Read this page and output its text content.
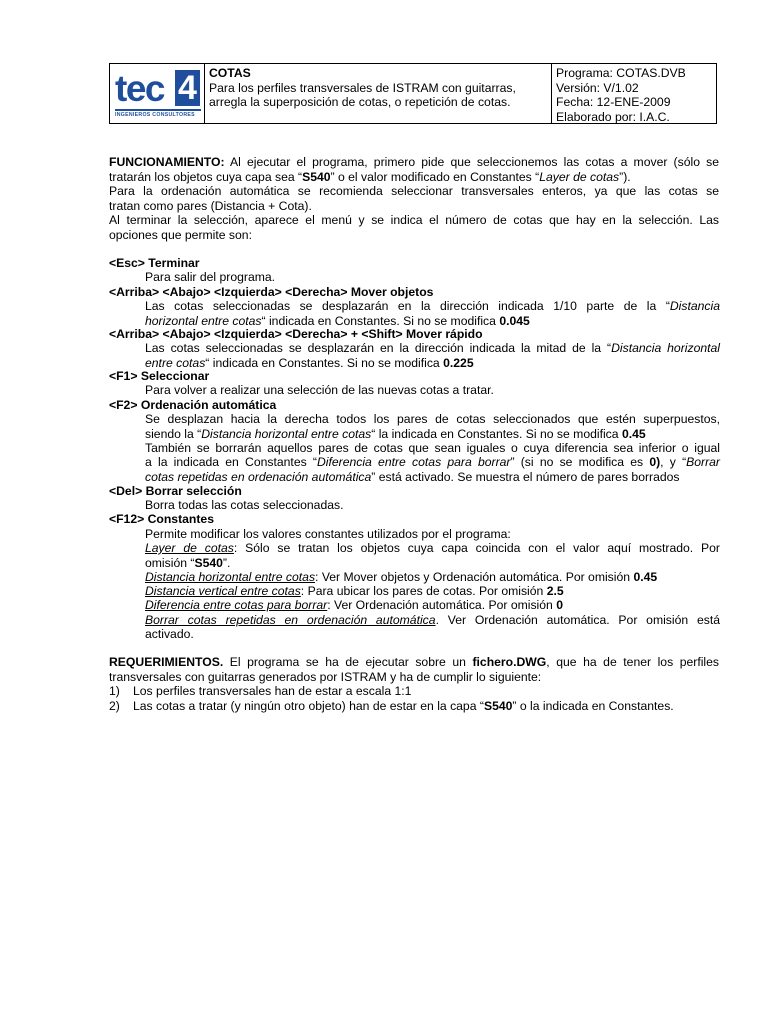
tec 4
INGENIEROS CONSULTORES
COTAS
Para los perfiles transversales de ISTRAM con guitarras,
arregla la superposición de cotas, o repetición de cotas.
Programa: COTAS.DVB
Versión: V/1.02
Fecha: 12-ENE-2009
Elaborado por: I.A.C.
FUNCIONAMIENTO: Al ejecutar el programa, primero pide que seleccionemos las cotas a mover (sólo se
tratarán los objetos cuya capa sea “S540” o el valor modificado en Constantes “Layer de cotas”).
Para la ordenación automática se recomienda seleccionar transversales enteros, ya que las cotas se
tratan como pares (Distancia + Cota).
Al terminar la selección, aparece el menú y se indica el número de cotas que hay en la selección. Las
opciones que permite son:
<Esc> Terminar
Para salir del programa.
<Arriba> <Abajo> <Izquierda> <Derecha> Mover objetos
Las cotas seleccionadas se desplazarán en la dirección indicada 1/10 parte de la “Distancia
horizontal entre cotas“ indicada en Constantes. Si no se modifica 0.045
<Arriba> <Abajo> <Izquierda> <Derecha> + <Shift> Mover rápido
Las cotas seleccionadas se desplazarán en la dirección indicada la mitad de la “Distancia horizontal
entre cotas“ indicada en Constantes. Si no se modifica 0.225
<F1> Seleccionar
Para volver a realizar una selección de las nuevas cotas a tratar.
<F2> Ordenación automática
Se desplazan hacia la derecha todos los pares de cotas seleccionados que estén superpuestos,
siendo la “Distancia horizontal entre cotas“ la indicada en Constantes. Si no se modifica 0.45
También se borrarán aquellos pares de cotas que sean iguales o cuya diferencia sea inferior o igual
a la indicada en Constantes “Diferencia entre cotas para borrar” (si no se modifica es 0), y “Borrar
cotas repetidas en ordenación automática” está activado. Se muestra el número de pares borrados
<Del> Borrar selección
Borra todas las cotas seleccionadas.
<F12> Constantes
Permite modificar los valores constantes utilizados por el programa:
Layer de cotas: Sólo se tratan los objetos cuya capa coincida con el valor aquí mostrado. Por
omisión “S540”.
Distancia horizontal entre cotas: Ver Mover objetos y Ordenación automática. Por omisión 0.45
Distancia vertical entre cotas: Para ubicar los pares de cotas. Por omisión 2.5
Diferencia entre cotas para borrar: Ver Ordenación automática. Por omisión 0
Borrar cotas repetidas en ordenación automática. Ver Ordenación automática. Por omisión está
activado.
REQUERIMIENTOS. El programa se ha de ejecutar sobre un fichero.DWG, que ha de tener los perfiles
transversales con guitarras generados por ISTRAM y ha de cumplir lo siguiente:
1) Los perfiles transversales han de estar a escala 1:1
2) Las cotas a tratar (y ningún otro objeto) han de estar en la capa “S540” o la indicada en Constantes.
